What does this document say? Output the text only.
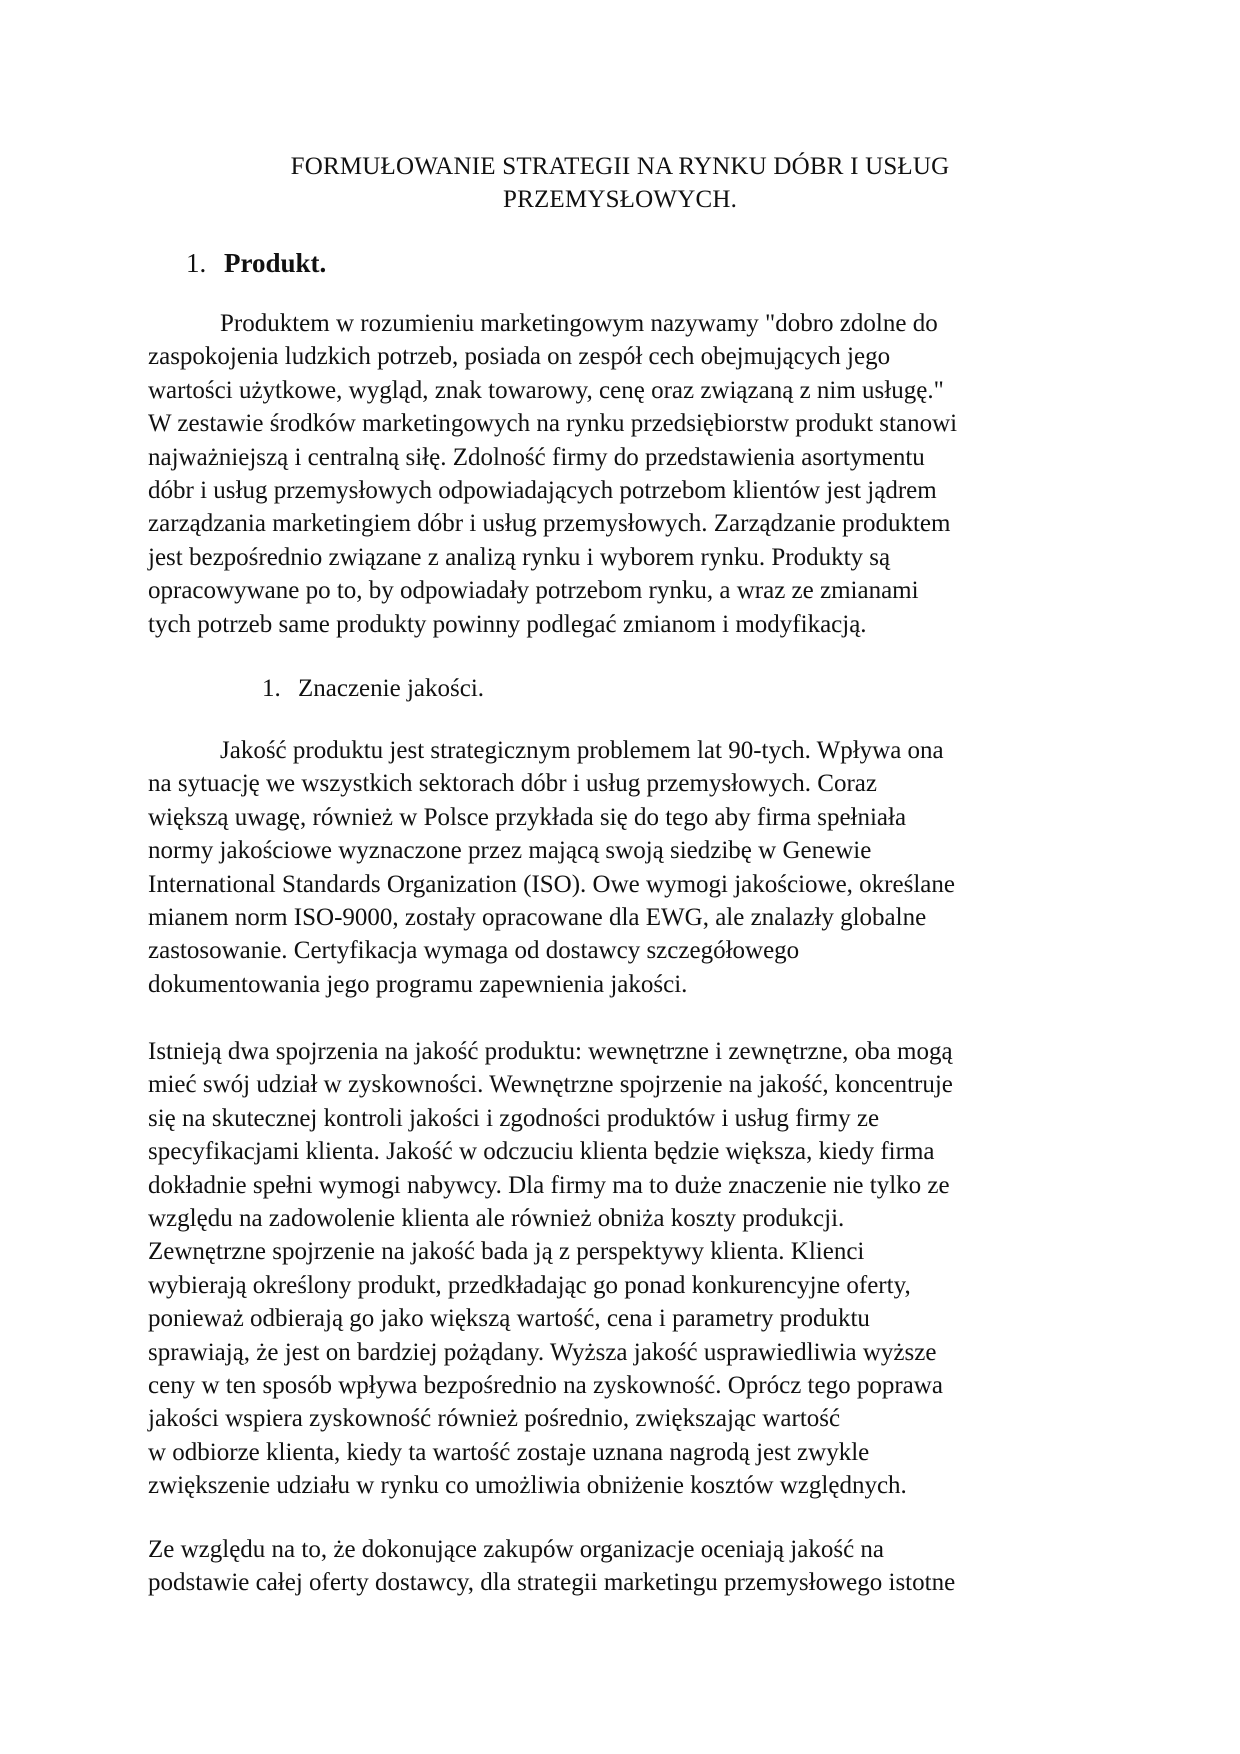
FORMUŁOWANIE STRATEGII NA RYNKU DÓBR I USŁUG
PRZEMYSŁOWYCH.
1. Produkt.
Produktem w rozumieniu marketingowym nazywamy "dobro zdolne do
zaspokojenia ludzkich potrzeb, posiada on zespół cech obejmujących jego
wartości użytkowe, wygląd, znak towarowy, cenę oraz związaną z nim usługę."
W zestawie środków marketingowych na rynku przedsiębiorstw produkt stanowi
najważniejszą i centralną siłę. Zdolność firmy do przedstawienia asortymentu
dóbr i usług przemysłowych odpowiadających potrzebom klientów jest jądrem
zarządzania marketingiem dóbr i usług przemysłowych. Zarządzanie produktem
jest bezpośrednio związane z analizą rynku i wyborem rynku. Produkty są
opracowywane po to, by odpowiadały potrzebom rynku, a wraz ze zmianami
tych potrzeb same produkty powinny podlegać zmianom i modyfikacją.
1. Znaczenie jakości.
Jakość produktu jest strategicznym problemem lat 90-tych. Wpływa ona
na sytuację we wszystkich sektorach dóbr i usług przemysłowych. Coraz
większą uwagę, również w Polsce przykłada się do tego aby firma spełniała
normy jakościowe wyznaczone przez mającą swoją siedzibę w Genewie
International Standards Organization (ISO). Owe wymogi jakościowe, określane
mianem norm ISO-9000, zostały opracowane dla EWG, ale znalazły globalne
zastosowanie. Certyfikacja wymaga od dostawcy szczegółowego
dokumentowania jego programu zapewnienia jakości.
Istnieją dwa spojrzenia na jakość produktu: wewnętrzne i zewnętrzne, oba mogą
mieć swój udział w zyskowności. Wewnętrzne spojrzenie na jakość, koncentruje
się na skutecznej kontroli jakości i zgodności produktów i usług firmy ze
specyfikacjami klienta. Jakość w odczuciu klienta będzie większa, kiedy firma
dokładnie spełni wymogi nabywcy. Dla firmy ma to duże znaczenie nie tylko ze
względu na zadowolenie klienta ale również obniża koszty produkcji.
Zewnętrzne spojrzenie na jakość bada ją z perspektywy klienta. Klienci
wybierają określony produkt, przedkładając go ponad konkurencyjne oferty,
ponieważ odbierają go jako większą wartość, cena i parametry produktu
sprawiają, że jest on bardziej pożądany. Wyższa jakość usprawiedliwia wyższe
ceny w ten sposób wpływa bezpośrednio na zyskowność. Oprócz tego poprawa
jakości wspiera zyskowność również pośrednio, zwiększając wartość
w odbiorze klienta, kiedy ta wartość zostaje uznana nagrodą jest zwykle
zwiększenie udziału w rynku co umożliwia obniżenie kosztów względnych.
Ze względu na to, że dokonujące zakupów organizacje oceniają jakość na
podstawie całej oferty dostawcy, dla strategii marketingu przemysłowego istotne
